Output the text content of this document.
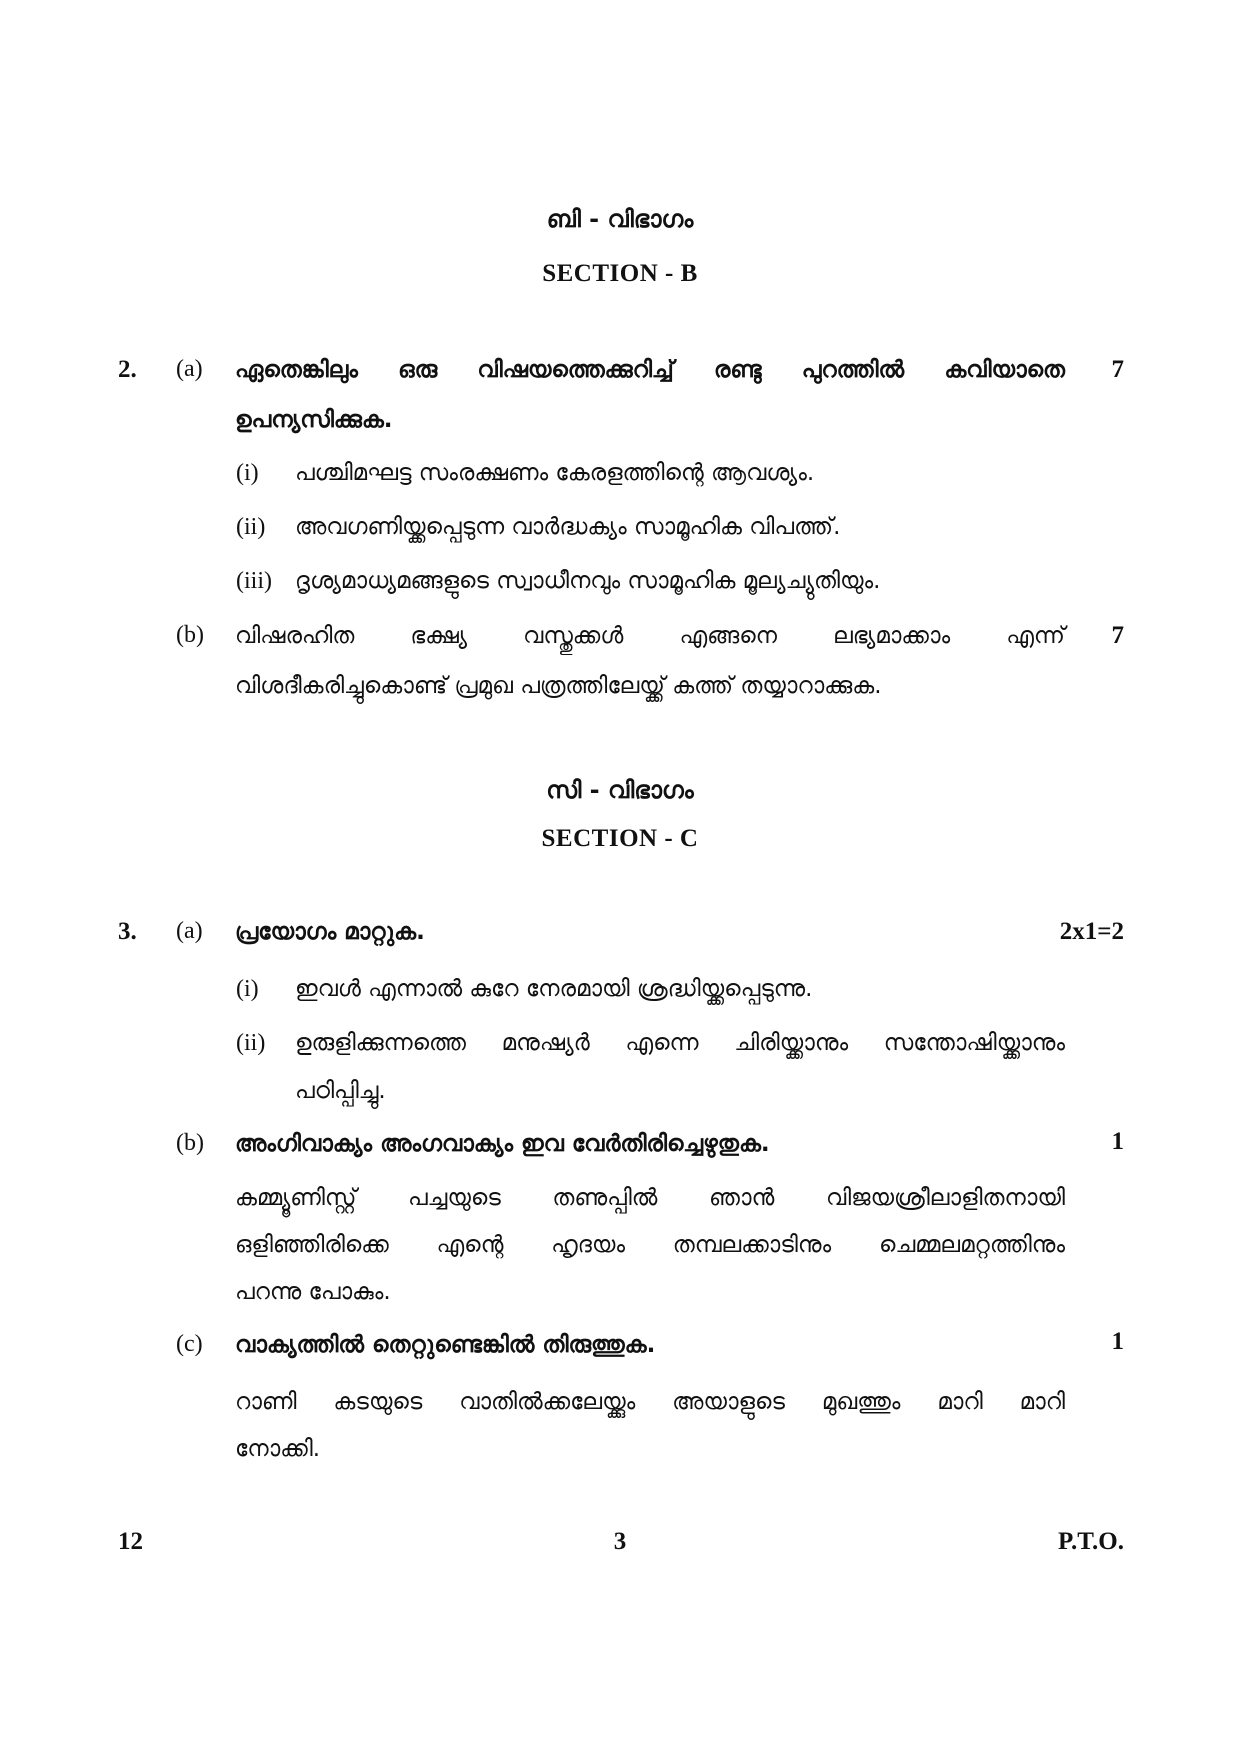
ബി - വിഭാഗം
SECTION - B
2. (a) ഏതെങ്കിലും ഒരു വിഷയത്തെക്കുറിച്ച് രണ്ടു പുറത്തിൽ കവിയാതെ
ഉപന്യസിക്കുക.
7
(i) പശ്ചിമഘട്ട സംരക്ഷണം കേരളത്തിന്റെ ആവശ്യം.
(ii) അവഗണിയ്ക്കപ്പെടുന്ന വാർദ്ധക്യം സാമൂഹിക വിപത്ത്.
(iii) ദൃശ്യമാധ്യമങ്ങളുടെ സ്വാധീനവും സാമൂഹിക മൂല്യച്യുതിയും.
(b) വിഷരഹിത ഭക്ഷ്യ വസ്തുക്കൾ എങ്ങനെ ലഭ്യമാക്കാം എന്ന്
വിശദീകരിച്ചുകൊണ്ട് പ്രമുഖ പത്രത്തിലേയ്ക്ക് കത്ത് തയ്യാറാക്കുക.
7
സി - വിഭാഗം
SECTION - C
3. (a) പ്രയോഗം മാറ്റുക.	2x1=2
(i) ഇവൾ എന്നാൽ കുറേ നേരമായി ശ്രദ്ധിയ്ക്കപ്പെടുന്നു.
(ii) ഉരുളിക്കുന്നത്തെ മനുഷ്യർ എന്നെ ചിരിയ്ക്കാനും സന്തോഷിയ്ക്കാനും
പഠിപ്പിച്ചു.
(b) അംഗിവാക്യം അംഗവാക്യം ഇവ വേർതിരിച്ചെഴുതുക.	1
കമ്മ്യൂണിസ്റ്റ് പച്ചയുടെ തണുപ്പിൽ ഞാൻ വിജയശ്രീലാളിതനായി
ഒളിഞ്ഞിരിക്കെ എന്റെ ഹൃദയം തമ്പലക്കാടിനും ചെമ്മലമറ്റത്തിനും
പറന്നു പോകും.
(c) വാക്യത്തിൽ തെറ്റുണ്ടെങ്കിൽ തിരുത്തുക.	1
റാണി കടയുടെ വാതിൽക്കലേയ്ക്കും അയാളുടെ മുഖത്തും മാറി മാറി
നോക്കി.
12	3	P.T.O.
